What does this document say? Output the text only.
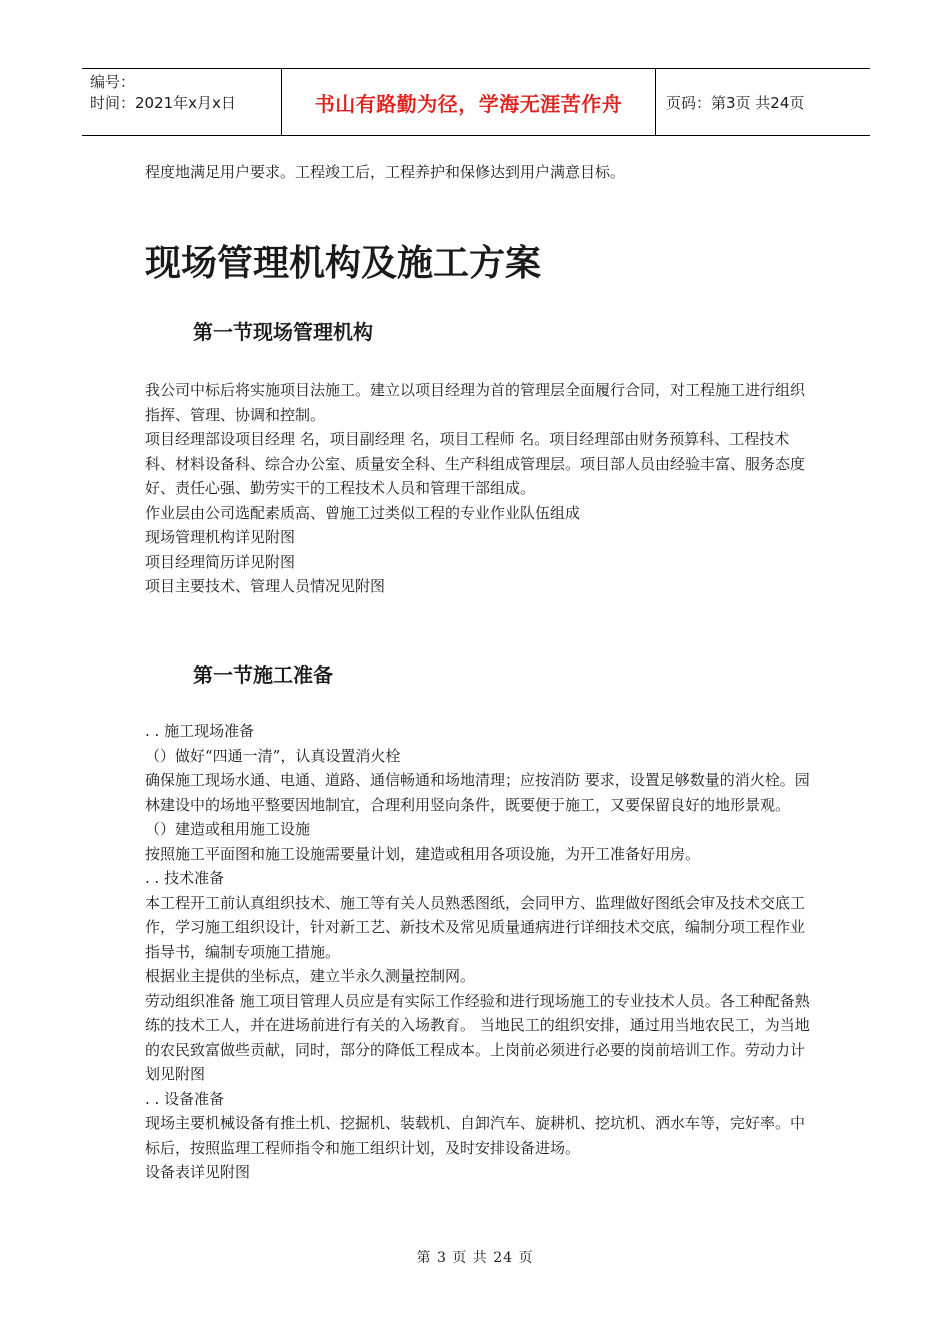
编号：
时间：2021年x月x日	书山有路勤为径，学海无涯苦作舟	页码：第3页 共24页

程度地满足用户要求。工程竣工后，工程养护和保修达到用户满意目标。

现场管理机构及施工方案
第一节现场管理机构

我公司中标后将实施项目法施工。建立以项目经理为首的管理层全面履行合同，对工程施工进行组织指挥、管理、协调和控制。

项目经理部设项目经理 名，项目副经理 名，项目工程师 名。项目经理部由财务预算科、工程技术科、材料设备科、综合办公室、质量安全科、生产科组成管理层。项目部人员由经验丰富、服务态度好、责任心强、勤劳实干的工程技术人员和管理干部组成。

作业层由公司选配素质高、曾施工过类似工程的专业作业队伍组成

现场管理机构详见附图

项目经理简历详见附图

项目主要技术、管理人员情况见附图

第一节施工准备

. . 施工现场准备

（）做好“四通一清”，认真设置消火栓

确保施工现场水通、电通、道路、通信畅通和场地清理；应按消防 要求，设置足够数量的消火栓。园林建设中的场地平整要因地制宜，合理利用竖向条件，既要便于施工，又要保留良好的地形景观。

（）建造或租用施工设施

按照施工平面图和施工设施需要量计划，建造或租用各项设施，为开工准备好用房。

. . 技术准备

本工程开工前认真组织技术、施工等有关人员熟悉图纸，会同甲方、监理做好图纸会审及技术交底工作，学习施工组织设计，针对新工艺、新技术及常见质量通病进行详细技术交底，编制分项工程作业指导书，编制专项施工措施。

根据业主提供的坐标点，建立半永久测量控制网。

劳动组织准备 施工项目管理人员应是有实际工作经验和进行现场施工的专业技术人员。各工种配备熟练的技术工人，并在进场前进行有关的入场教育。 当地民工的组织安排，通过用当地农民工，为当地的农民致富做些贡献，同时，部分的降低工程成本。上岗前必须进行必要的岗前培训工作。劳动力计划见附图

. . 设备准备

现场主要机械设备有推土机、挖掘机、装载机、自卸汽车、旋耕机、挖坑机、洒水车等，完好率。中标后，按照监理工程师指令和施工组织计划，及时安排设备进场。

设备表详见附图

第 3 页 共 24 页
